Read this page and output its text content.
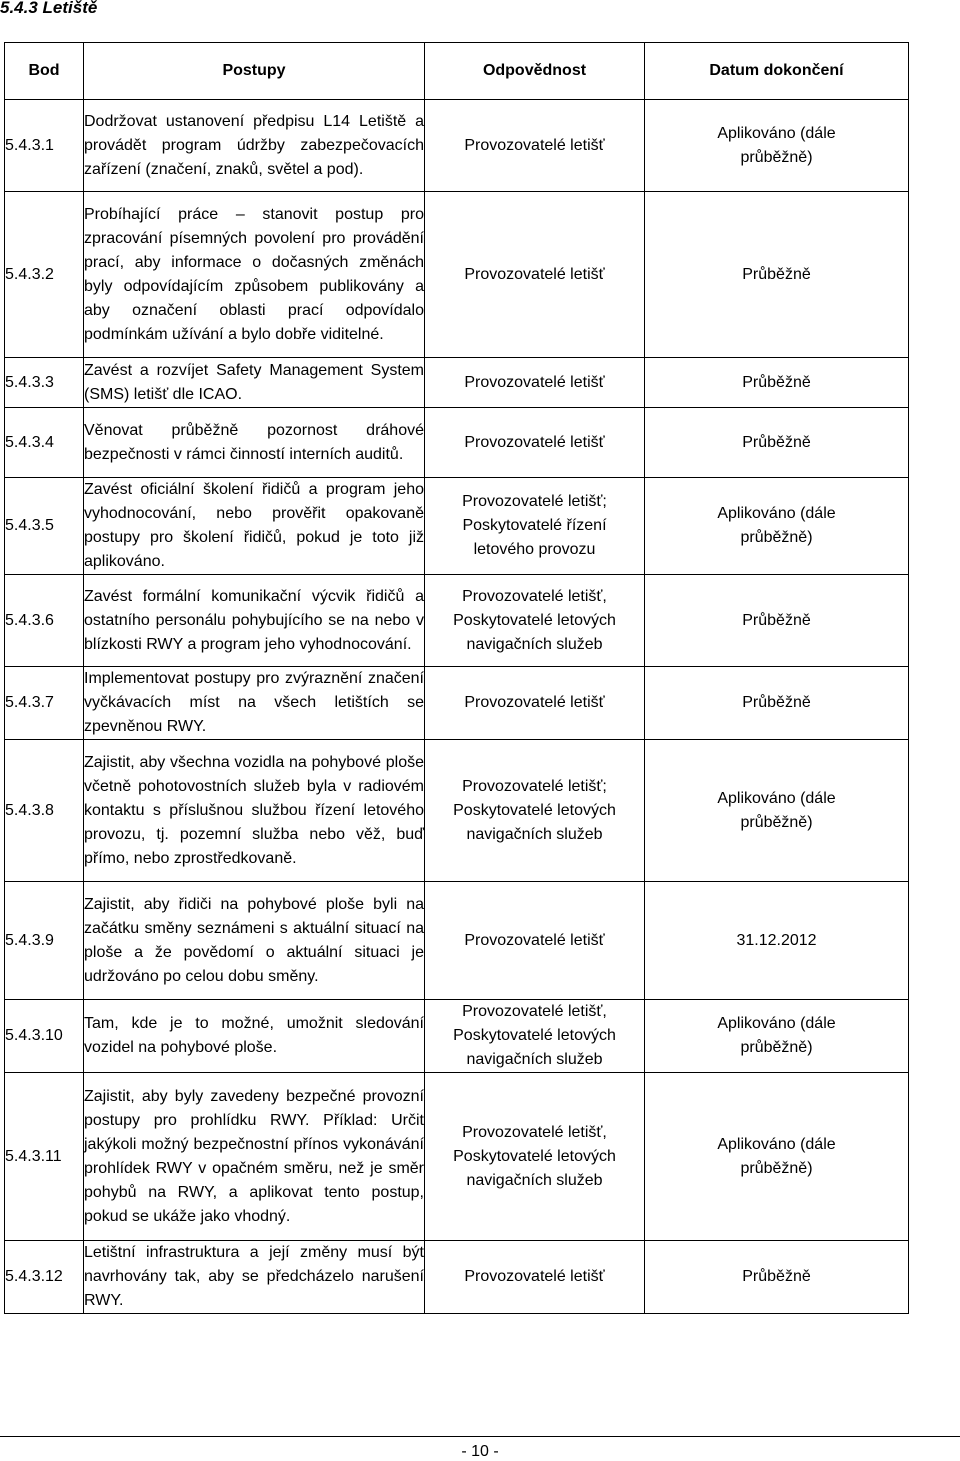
5.4.3 Letiště
Bod	Postupy	Odpovědnost	Datum dokončení
5.4.3.1	Dodržovat ustanovení předpisu L14 Letiště a provádět program údržby zabezpečovacích zařízení (značení, znaků, světel a pod).	Provozovatelé letišť	Aplikováno (dále průběžně)
5.4.3.2	Probíhající práce – stanovit postup pro zpracování písemných povolení pro provádění prací, aby informace o dočasných změnách byly odpovídajícím způsobem publikovány a aby označení oblasti prací odpovídalo podmínkám užívání a bylo dobře viditelné.	Provozovatelé letišť	Průběžně
5.4.3.3	Zavést a rozvíjet Safety Management System (SMS) letišť dle ICAO.	Provozovatelé letišť	Průběžně
5.4.3.4	Věnovat průběžně pozornost dráhové bezpečnosti v rámci činností interních auditů.	Provozovatelé letišť	Průběžně
5.4.3.5	Zavést oficiální školení řidičů a program jeho vyhodnocování, nebo prověřit opakovaně postupy pro školení řidičů, pokud je toto již aplikováno.	Provozovatelé letišť; Poskytovatelé řízení letového provozu	Aplikováno (dále průběžně)
5.4.3.6	Zavést formální komunikační výcvik řidičů a ostatního personálu pohybujícího se na nebo v blízkosti RWY a program jeho vyhodnocování.	Provozovatelé letišť, Poskytovatelé letových navigačních služeb	Průběžně
5.4.3.7	Implementovat postupy pro zvýraznění značení vyčkávacích míst na všech letištích se zpevněnou RWY.	Provozovatelé letišť	Průběžně
5.4.3.8	Zajistit, aby všechna vozidla na pohybové ploše včetně pohotovostních služeb byla v radiovém kontaktu s příslušnou službou řízení letového provozu, tj. pozemní služba nebo věž, buď přímo, nebo zprostředkovaně.	Provozovatelé letišť; Poskytovatelé letových navigačních služeb	Aplikováno (dále průběžně)
5.4.3.9	Zajistit, aby řidiči na pohybové ploše byli na začátku směny seznámeni s aktuální situací na ploše a že povědomí o aktuální situaci je udržováno po celou dobu směny.	Provozovatelé letišť	31.12.2012
5.4.3.10	Tam, kde je to možné, umožnit sledování vozidel na pohybové ploše.	Provozovatelé letišť, Poskytovatelé letových navigačních služeb	Aplikováno (dále průběžně)
5.4.3.11	Zajistit, aby byly zavedeny bezpečné provozní postupy pro prohlídku RWY. Příklad: Určit jakýkoli možný bezpečnostní přínos vykonávání prohlídek RWY v opačném směru, než je směr pohybů na RWY, a aplikovat tento postup, pokud se ukáže jako vhodný.	Provozovatelé letišť, Poskytovatelé letových navigačních služeb	Aplikováno (dále průběžně)
5.4.3.12	Letištní infrastruktura a její změny musí být navrhovány tak, aby se předcházelo narušení RWY.	Provozovatelé letišť	Průběžně
- 10 -
